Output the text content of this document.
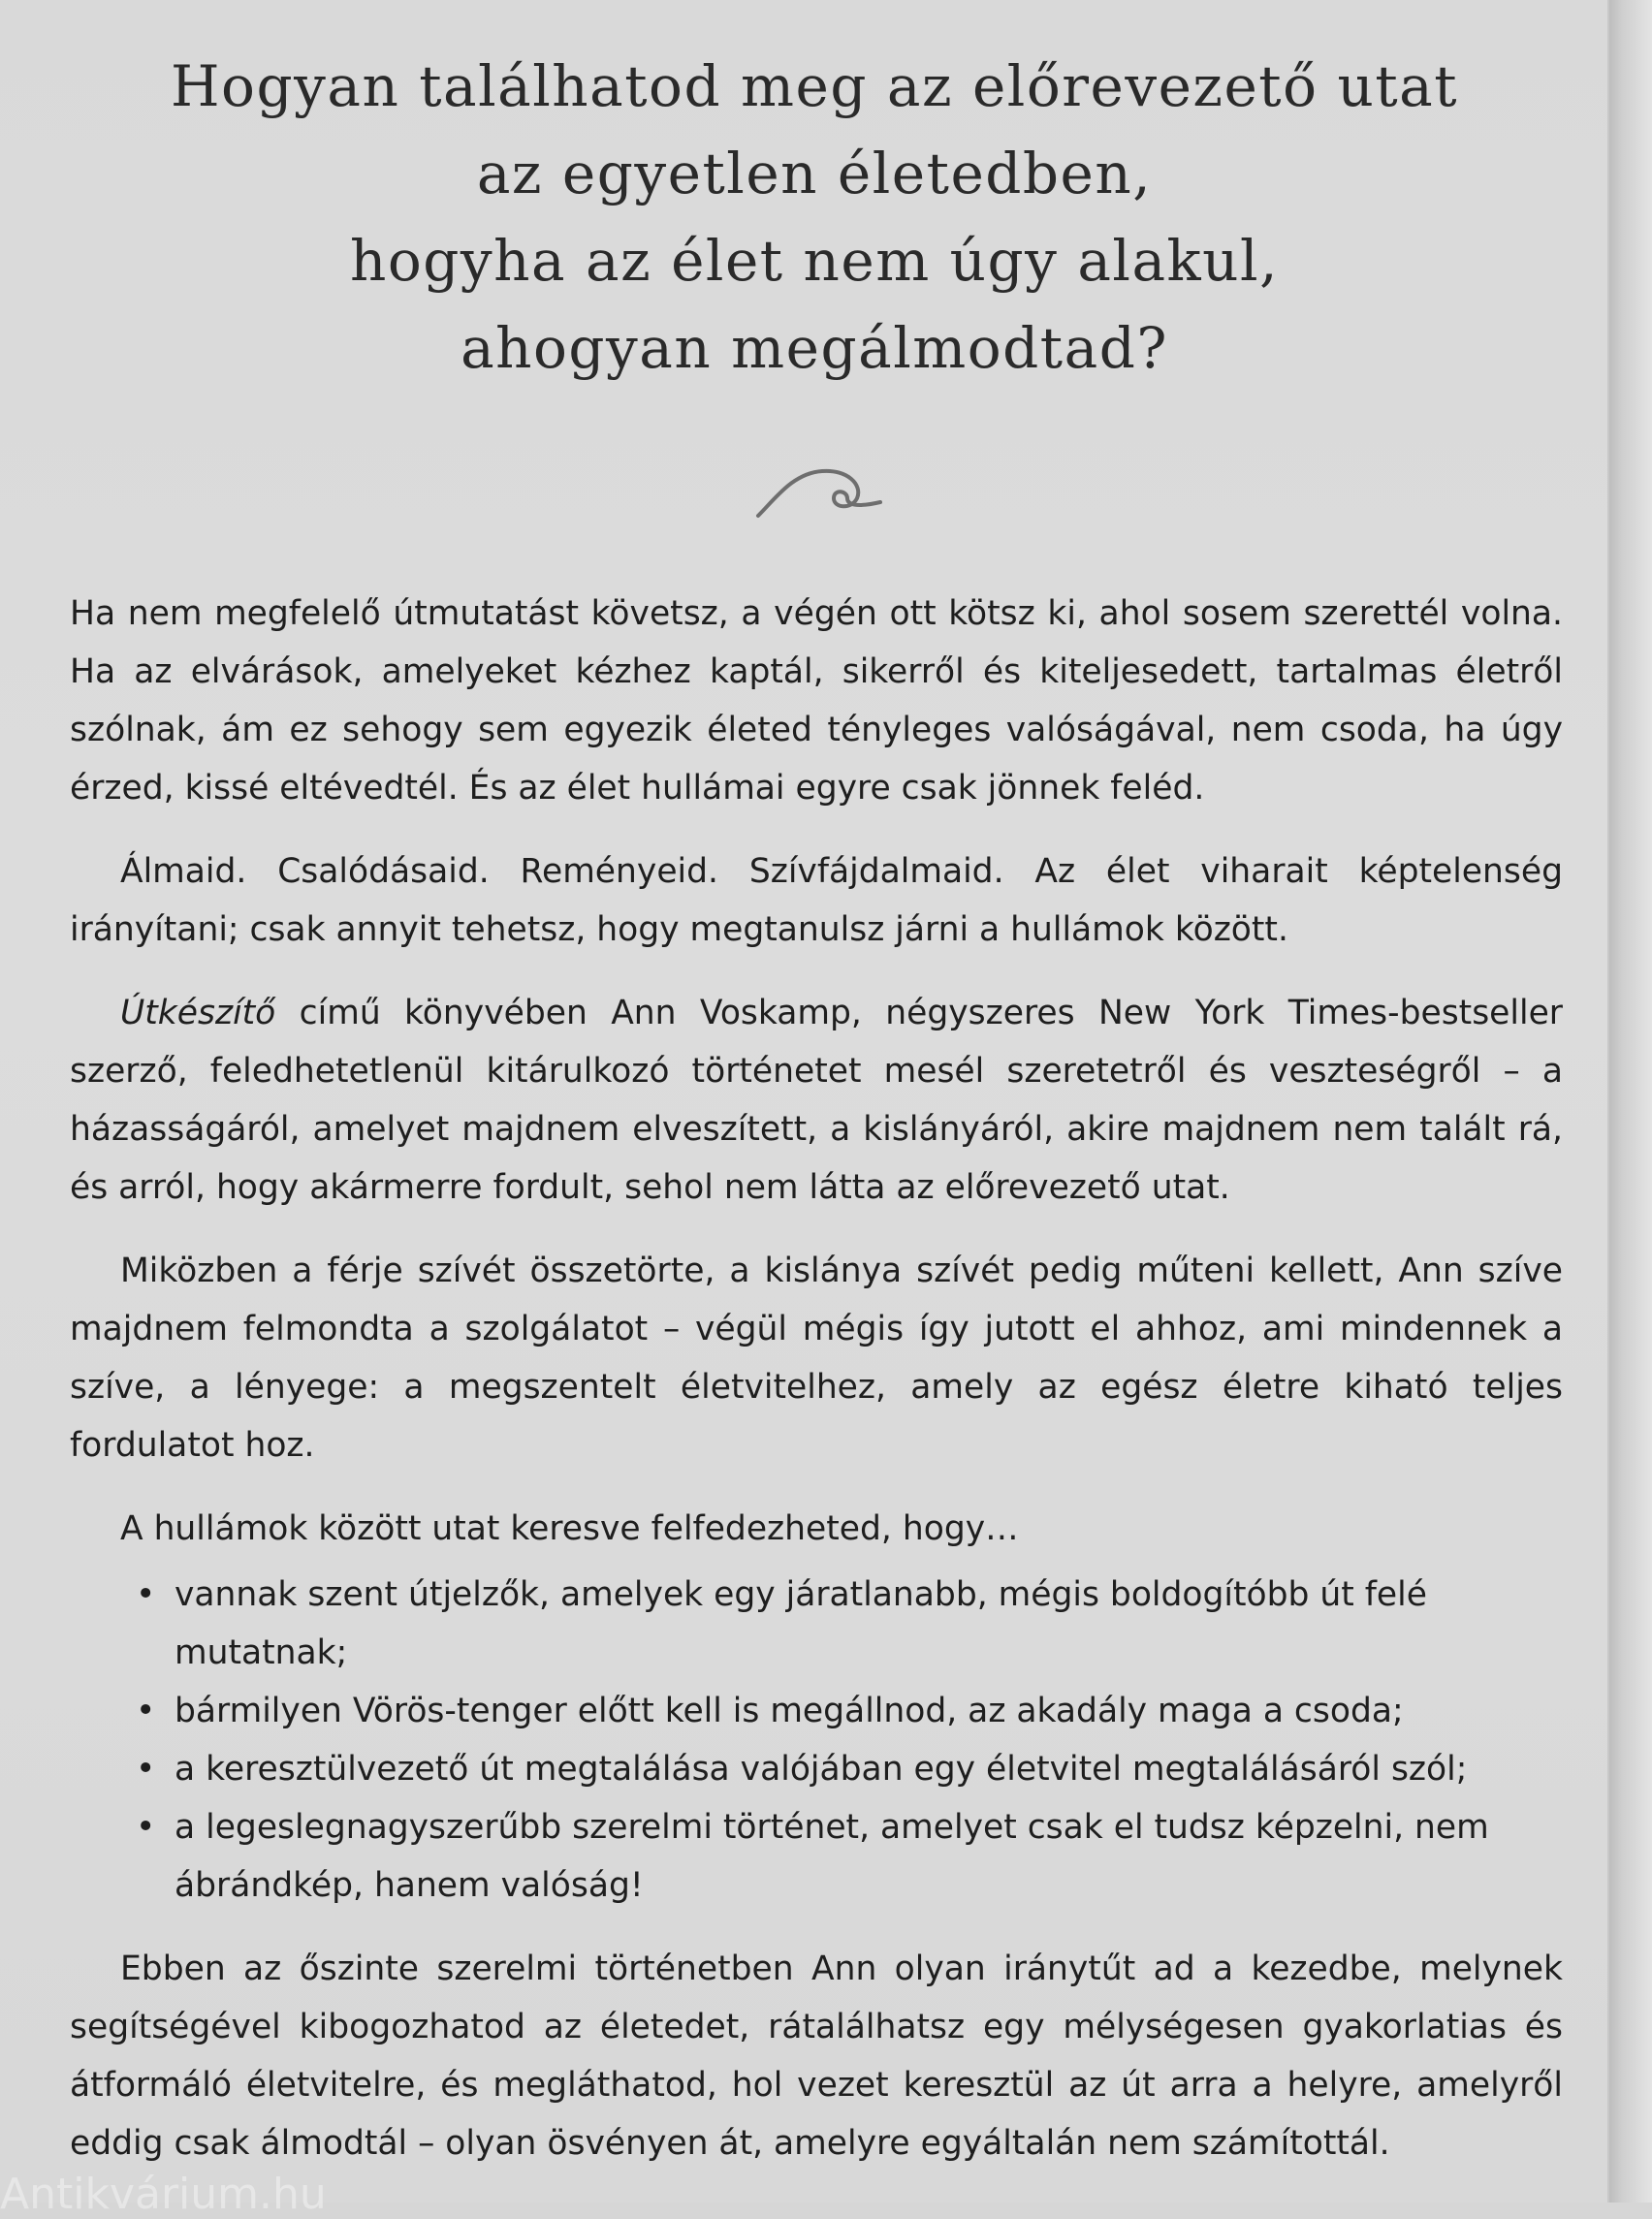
Hogyan találhatod meg az előrevezető utat
az egyetlen életedben,
hogyha az élet nem úgy alakul,
ahogyan megálmodtad?

Ha nem megfelelő útmutatást követsz, a végén ott kötsz ki, ahol sosem szerettél volna. Ha az elvárások, amelyeket kézhez kaptál, sikerről és kiteljesedett, tartalmas életről szólnak, ám ez sehogy sem egyezik életed tényleges valóságával, nem csoda, ha úgy érzed, kissé eltévedtél. És az élet hullámai egyre csak jönnek feléd.

Álmaid. Csalódásaid. Reményeid. Szívfájdalmaid. Az élet viharait képtelenség irányítani; csak annyit tehetsz, hogy megtanulsz járni a hullámok között.

Útkészítő című könyvében Ann Voskamp, négyszeres New York Times-bestseller szerző, feledhetetlenül kitárulkozó történetet mesél szeretetről és veszteségről – a házasságáról, amelyet majdnem elveszített, a kislányáról, akire majdnem nem talált rá, és arról, hogy akármerre fordult, sehol nem látta az előrevezető utat.

Miközben a férje szívét összetörte, a kislánya szívét pedig műteni kellett, Ann szíve majdnem felmondta a szolgálatot – végül mégis így jutott el ahhoz, ami mindennek a szíve, a lényege: a megszentelt életvitelhez, amely az egész életre kiható teljes fordulatot hoz.

A hullámok között utat keresve felfedezheted, hogy…

• vannak szent útjelzők, amelyek egy járatlanabb, mégis boldogítóbb út felé mutatnak;
• bármilyen Vörös-tenger előtt kell is megállnod, az akadály maga a csoda;
• a keresztülvezető út megtalálása valójában egy életvitel megtalálásáról szól;
• a legeslegnagyszerűbb szerelmi történet, amelyet csak el tudsz képzelni, nem ábrándkép, hanem valóság!

Ebben az őszinte szerelmi történetben Ann olyan iránytűt ad a kezedbe, melynek segítségével kibogozhatod az életedet, rátalálhatsz egy mélységesen gyakorlatias és átformáló életvitelre, és megláthatod, hol vezet keresztül az út arra a helyre, amelyről eddig csak álmodtál – olyan ösvényen át, amelyre egyáltalán nem számítottál.

Antikvárium.hu
